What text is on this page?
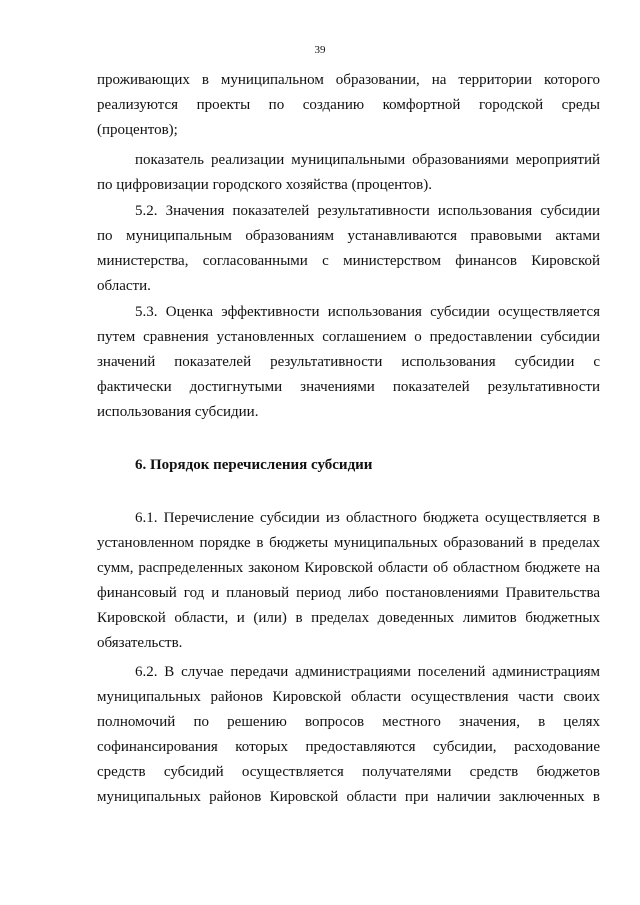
39
проживающих в муниципальном образовании, на территории которого
реализуются проекты по созданию комфортной городской среды
(процентов);
показатель реализации муниципальными образованиями мероприятий
по цифровизации городского хозяйства (процентов).
5.2. Значения показателей результативности использования субсидии
по муниципальным образованиям устанавливаются правовыми актами
министерства, согласованными с министерством финансов Кировской
области.
5.3. Оценка эффективности использования субсидии осуществляется
путем сравнения установленных соглашением о предоставлении субсидии
значений показателей результативности использования субсидии с
фактически достигнутыми значениями показателей результативности
использования субсидии.
6. Порядок перечисления субсидии
6.1. Перечисление субсидии из областного бюджета осуществляется в
установленном порядке в бюджеты муниципальных образований в пределах
сумм, распределенных законом Кировской области об областном бюджете на
финансовый год и плановый период либо постановлениями Правительства
Кировской области, и (или) в пределах доведенных лимитов бюджетных
обязательств.
6.2. В случае передачи администрациями поселений администрациям
муниципальных районов Кировской области осуществления части своих
полномочий по решению вопросов местного значения, в целях
софинансирования которых предоставляются субсидии, расходование
средств субсидий осуществляется получателями средств бюджетов
муниципальных районов Кировской области при наличии заключенных в
